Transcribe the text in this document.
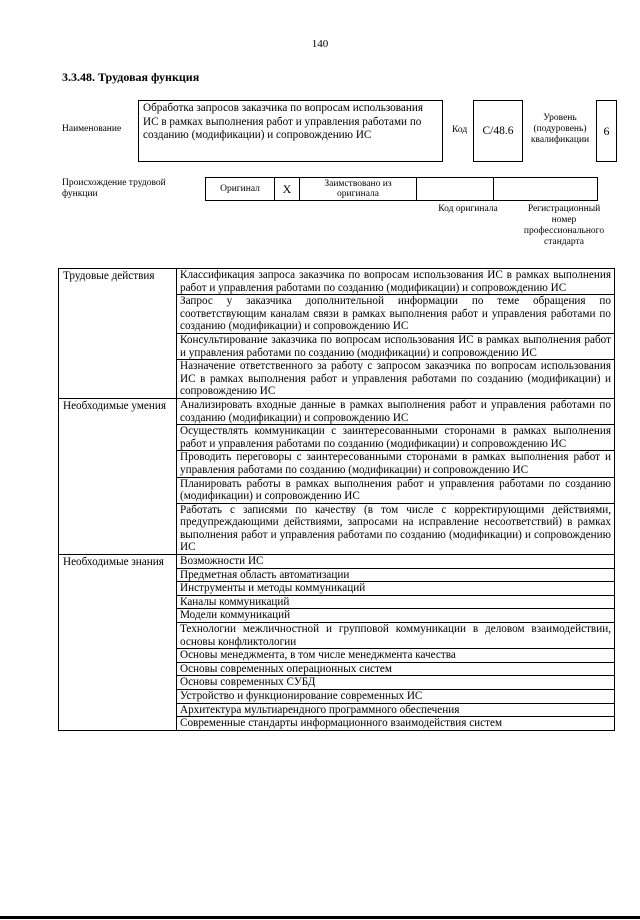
140
3.3.48. Трудовая функция
Наименование
Обработка запросов заказчика по вопросам использования ИС в рамках выполнения работ и управления работами по созданию (модификации) и сопровождению ИС	Код	C/48.6
Уровень (подуровень) квалификации
6
Происхождение трудовой функции	Оригинал	X	Заимствовано из оригинала		
Код оригинала	Регистрационный номер профессионального стандарта
Трудовые действия	Классификация запроса заказчика по вопросам использования ИС в рамках выполнения работ и управления работами по созданию (модификации) и сопровождению ИС
	Запрос у заказчика дополнительной информации по теме обращения по соответствующим каналам связи в рамках выполнения работ и управления работами по созданию (модификации) и сопровождению ИС
	Консультирование заказчика по вопросам использования ИС в рамках выполнения работ и управления работами по созданию (модификации) и сопровождению ИС
	Назначение ответственного за работу с запросом заказчика по вопросам использования ИС в рамках выполнения работ и управления работами по созданию (модификации) и сопровождению ИС
Необходимые умения	Анализировать входные данные в рамках выполнения работ и управления работами по созданию (модификации) и сопровождению ИС
	Осуществлять коммуникации с заинтересованными сторонами в рамках выполнения работ и управления работами по созданию (модификации) и сопровождению ИС
	Проводить переговоры с заинтересованными сторонами в рамках выполнения работ и управления работами по созданию (модификации) и сопровождению ИС
	Планировать работы в рамках выполнения работ и управления работами по созданию (модификации) и сопровождению ИС
	Работать с записями по качеству (в том числе с корректирующими действиями, предупреждающими действиями, запросами на исправление несоответствий) в рамках выполнения работ и управления работами по созданию (модификации) и сопровождению ИС
Необходимые знания	Возможности ИС
	Предметная область автоматизации
	Инструменты и методы коммуникаций
	Каналы коммуникаций
	Модели коммуникаций
	Технологии межличностной и групповой коммуникации в деловом взаимодействии, основы конфликтологии
	Основы менеджмента, в том числе менеджмента качества
	Основы современных операционных систем
	Основы современных СУБД
	Устройство и функционирование современных ИС
	Архитектура мультиарендного программного обеспечения
	Современные стандарты информационного взаимодействия систем
